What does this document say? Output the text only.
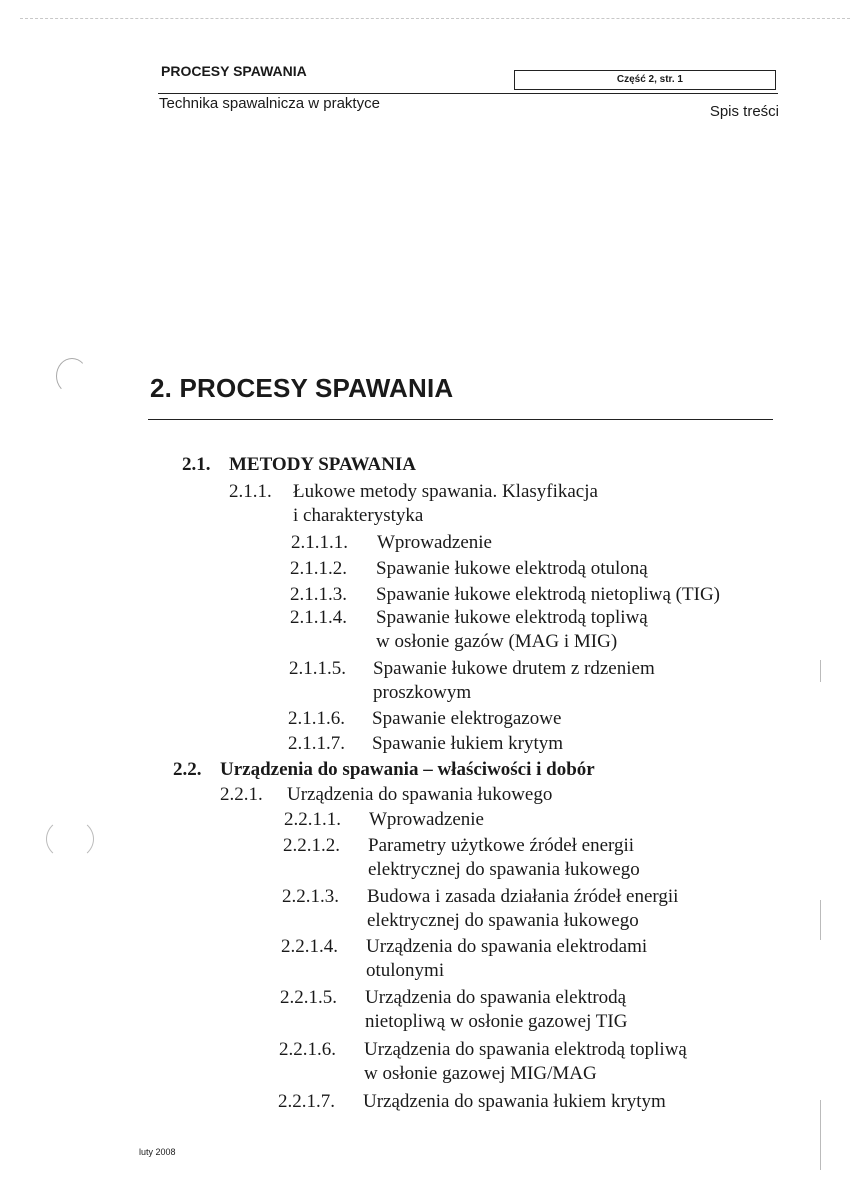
PROCESY SPAWANIA
Część 2, str. 1
Technika spawalnicza w praktyce	Spis treści
2. PROCESY SPAWANIA
2.1. METODY SPAWANIA
2.1.1. Łukowe metody spawania. Klasyfikacja
i charakterystyka
2.1.1.1. Wprowadzenie
2.1.1.2. Spawanie łukowe elektrodą otuloną
2.1.1.3. Spawanie łukowe elektrodą nietopliwą (TIG)
2.1.1.4. Spawanie łukowe elektrodą topliwą
w osłonie gazów (MAG i MIG)
2.1.1.5. Spawanie łukowe drutem z rdzeniem
proszkowym
2.1.1.6. Spawanie elektrogazowe
2.1.1.7. Spawanie łukiem krytym
2.2. Urządzenia do spawania – właściwości i dobór
2.2.1. Urządzenia do spawania łukowego
2.2.1.1. Wprowadzenie
2.2.1.2. Parametry użytkowe źródeł energii
elektrycznej do spawania łukowego
2.2.1.3. Budowa i zasada działania źródeł energii
elektrycznej do spawania łukowego
2.2.1.4. Urządzenia do spawania elektrodami
otulonymi
2.2.1.5. Urządzenia do spawania elektrodą
nietopliwą w osłonie gazowej TIG
2.2.1.6. Urządzenia do spawania elektrodą topliwą
w osłonie gazowej MIG/MAG
2.2.1.7. Urządzenia do spawania łukiem krytym
luty 2008
